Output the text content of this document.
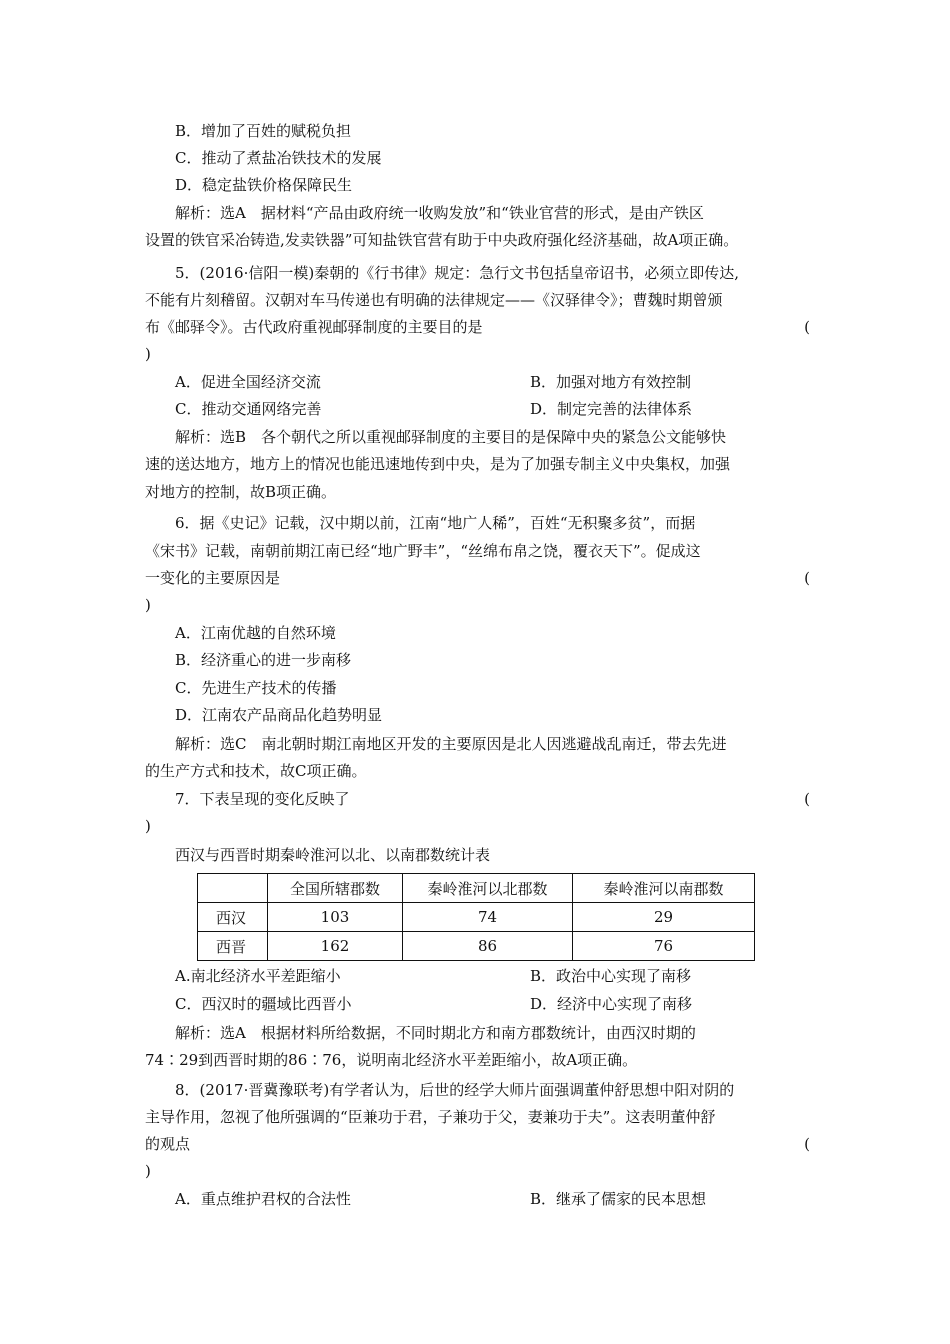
B．增加了百姓的赋税负担
C．推动了煮盐冶铁技术的发展
D．稳定盐铁价格保障民生
解析：选A　据材料“产品由政府统一收购发放”和“铁业官营的形式，是由产铁区
设置的铁官采冶铸造,发卖铁器”可知盐铁官营有助于中央政府强化经济基础，故A项正确。
5．(2016·信阳一模)秦朝的《行书律》规定：急行文书包括皇帝诏书，必须立即传达,
不能有片刻稽留。汉朝对车马传递也有明确的法律规定——《汉驿律令》；曹魏时期曾颁
布《邮驿令》。古代政府重视邮驿制度的主要目的是	(
)
A．促进全国经济交流	B．加强对地方有效控制
C．推动交通网络完善	D．制定完善的法律体系
解析：选B　各个朝代之所以重视邮驿制度的主要目的是保障中央的紧急公文能够快
速的送达地方，地方上的情况也能迅速地传到中央，是为了加强专制主义中央集权，加强
对地方的控制，故B项正确。
6．据《史记》记载，汉中期以前，江南“地广人稀”，百姓“无积聚多贫”，而据
《宋书》记载，南朝前期江南已经“地广野丰”，“丝绵布帛之饶，覆衣天下”。促成这
一变化的主要原因是	(
)
A．江南优越的自然环境
B．经济重心的进一步南移
C．先进生产技术的传播
D．江南农产品商品化趋势明显
解析：选C　南北朝时期江南地区开发的主要原因是北人因逃避战乱南迁，带去先进
的生产方式和技术，故C项正确。
7．下表呈现的变化反映了	(
)
西汉与西晋时期秦岭淮河以北、以南郡数统计表
	全国所辖郡数	秦岭淮河以北郡数	秦岭淮河以南郡数
西汉	103	74	29
西晋	162	86	76
A.南北经济水平差距缩小	B．政治中心实现了南移
C．西汉时的疆域比西晋小	D．经济中心实现了南移
解析：选A　根据材料所给数据，不同时期北方和南方郡数统计，由西汉时期的
74∶29到西晋时期的86∶76，说明南北经济水平差距缩小，故A项正确。
8．(2017·晋冀豫联考)有学者认为，后世的经学大师片面强调董仲舒思想中阳对阴的
主导作用，忽视了他所强调的“臣兼功于君，子兼功于父，妻兼功于夫”。这表明董仲舒
的观点	(
)
A．重点维护君权的合法性	B．继承了儒家的民本思想
